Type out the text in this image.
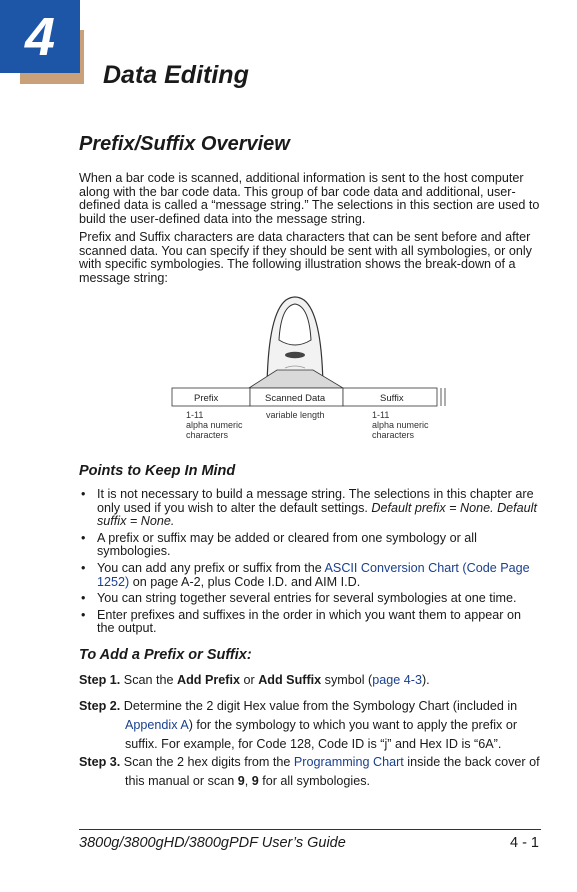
4
Data Editing
Prefix/Suffix Overview

When a bar code is scanned, additional information is sent to the host computer along with the bar code data. This group of bar code data and additional, user-defined data is called a “message string.” The selections in this section are used to build the user-defined data into the message string.

Prefix and Suffix characters are data characters that can be sent before and after scanned data. You can specify if they should be sent with all symbologies, or only with specific symbologies. The following illustration shows the break-down of a message string:

Prefix	Scanned Data	Suffix
1-11
alpha numeric
characters
variable length	1-11
alpha numeric
characters
Points to Keep In Mind
• It is not necessary to build a message string. The selections in this chapter are only used if you wish to alter the default settings. Default prefix = None. Default suffix = None.
• A prefix or suffix may be added or cleared from one symbology or all symbologies.
• You can add any prefix or suffix from the ASCII Conversion Chart (Code Page 1252) on page A-2, plus Code I.D. and AIM I.D.
• You can string together several entries for several symbologies at one time.
• Enter prefixes and suffixes in the order in which you want them to appear on the output.
To Add a Prefix or Suffix:

Step 1. Scan the Add Prefix or Add Suffix symbol (page 4-3).

Step 2. Determine the 2 digit Hex value from the Symbology Chart (included in Appendix A) for the symbology to which you want to apply the prefix or suffix. For example, for Code 128, Code ID is “j” and Hex ID is “6A”.

Step 3. Scan the 2 hex digits from the Programming Chart inside the back cover of this manual or scan 9, 9 for all symbologies.

3800g/3800gHD/3800gPDF User’s Guide	4 - 1
